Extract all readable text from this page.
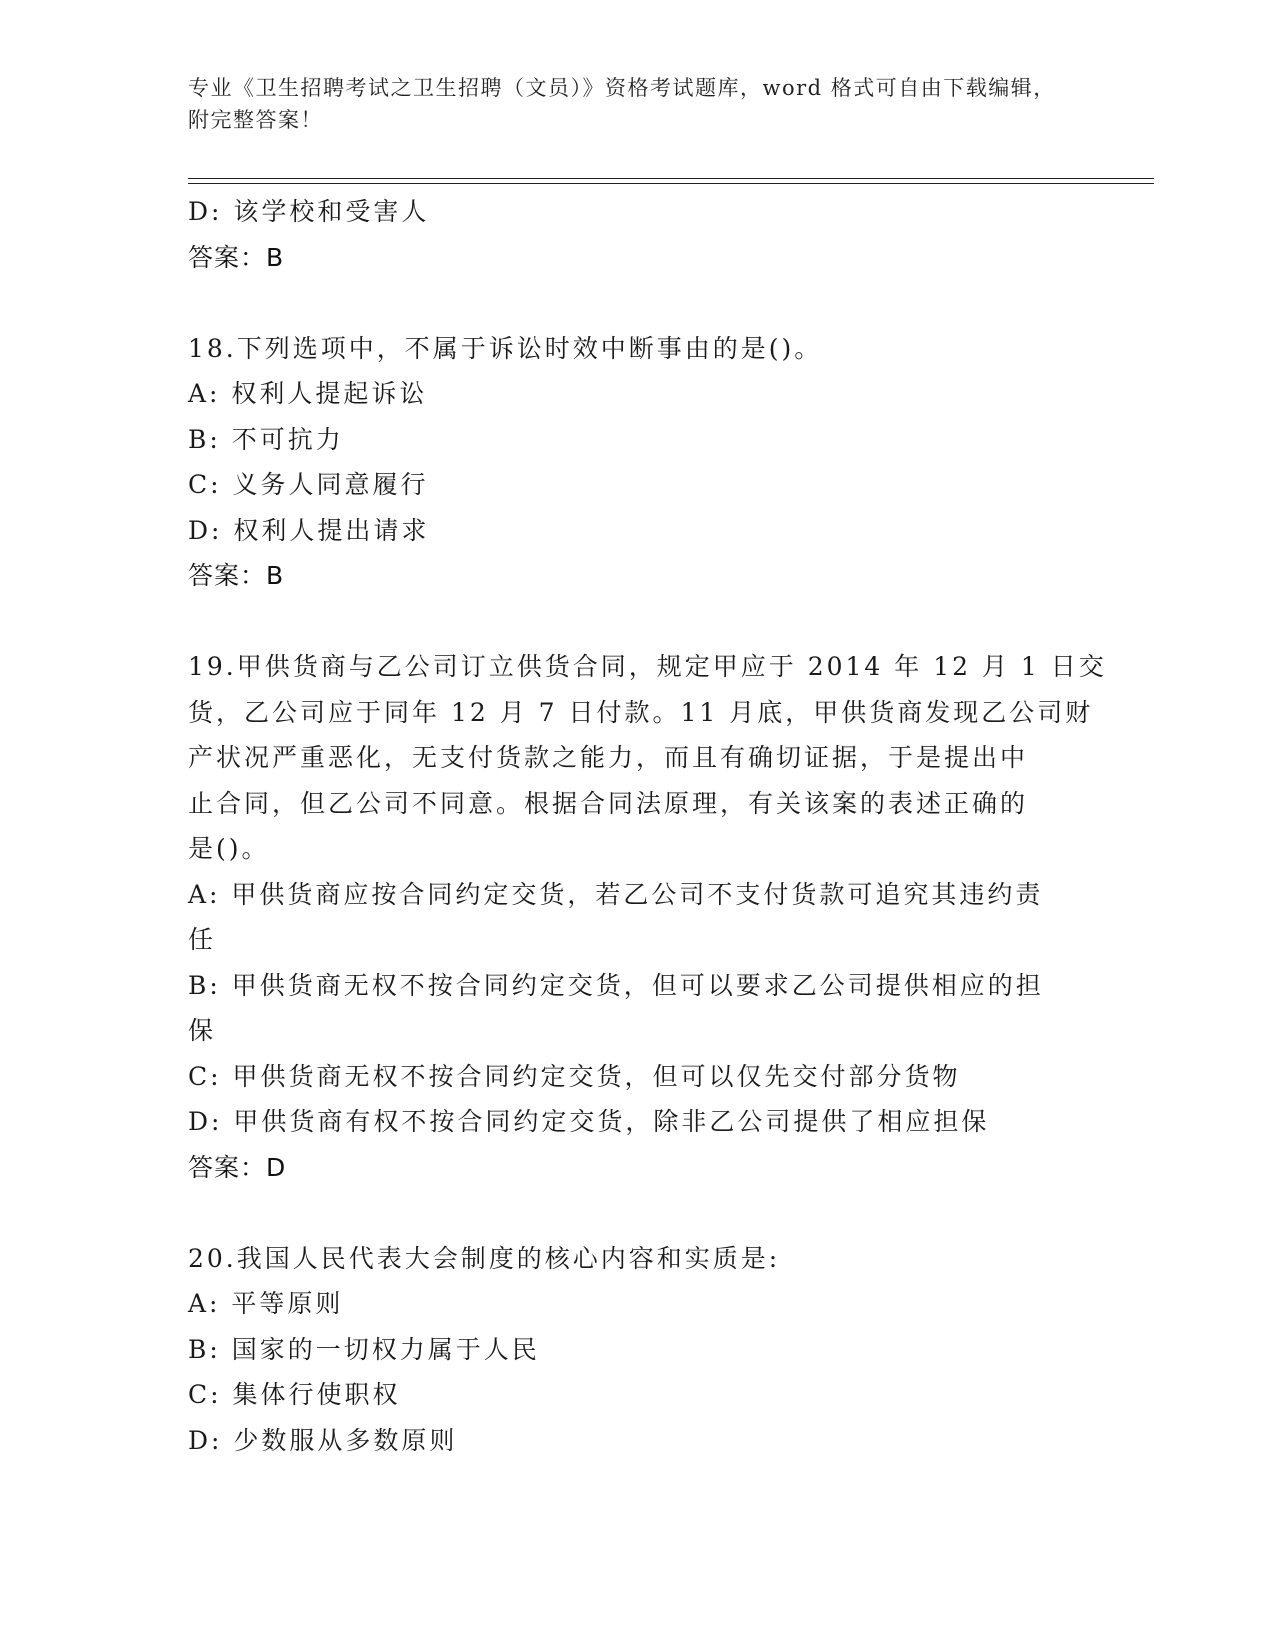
专业《卫生招聘考试之卫生招聘（文员）》资格考试题库，word 格式可自由下载编辑，附完整答案！
D: 该学校和受害人
答案：B
18.下列选项中，不属于诉讼时效中断事由的是()。
A: 权利人提起诉讼
B: 不可抗力
C: 义务人同意履行
D: 权利人提出请求
答案：B
19.甲供货商与乙公司订立供货合同，规定甲应于 2014 年 12 月 1 日交
货，乙公司应于同年 12 月 7 日付款。11 月底，甲供货商发现乙公司财
产状况严重恶化，无支付货款之能力，而且有确切证据，于是提出中
止合同，但乙公司不同意。根据合同法原理，有关该案的表述正确的
是()。
A: 甲供货商应按合同约定交货，若乙公司不支付货款可追究其违约责
任
B: 甲供货商无权不按合同约定交货，但可以要求乙公司提供相应的担
保
C: 甲供货商无权不按合同约定交货，但可以仅先交付部分货物
D: 甲供货商有权不按合同约定交货，除非乙公司提供了相应担保
答案：D
20.我国人民代表大会制度的核心内容和实质是:
A: 平等原则
B: 国家的一切权力属于人民
C: 集体行使职权
D: 少数服从多数原则
